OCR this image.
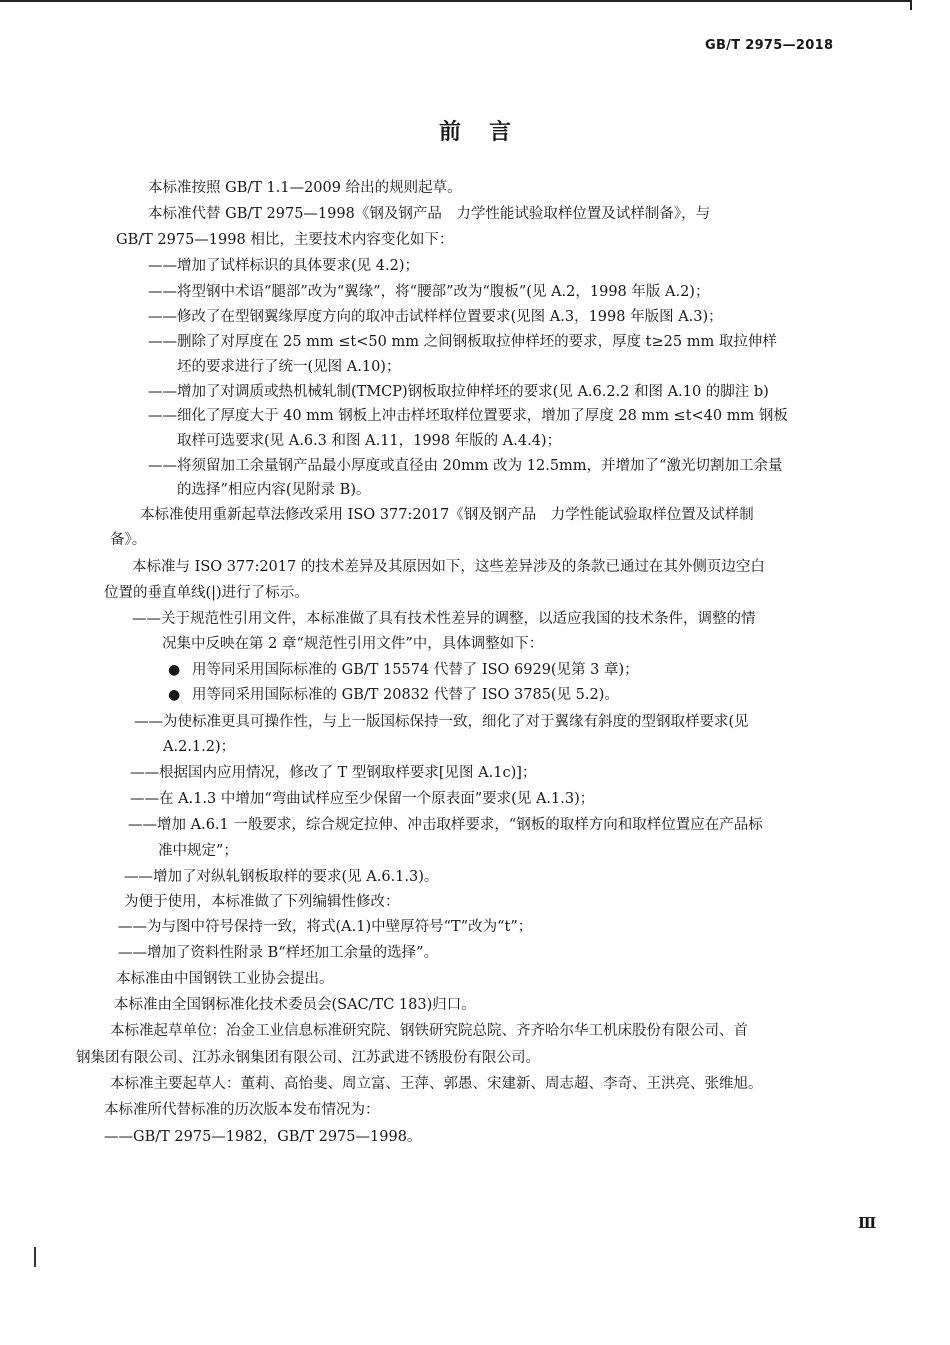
GB/T 2975—2018
前言
本标准按照 GB/T 1.1—2009 给出的规则起草。
本标准代替 GB/T 2975—1998《钢及钢产品　力学性能试验取样位置及试样制备》，与
GB/T 2975—1998 相比，主要技术内容变化如下：
——增加了试样标识的具体要求(见 4.2)；
——将型钢中术语“腿部”改为“翼缘”，将“腰部”改为“腹板”(见 A.2，1998 年版 A.2)；
——修改了在型钢翼缘厚度方向的取冲击试样样位置要求(见图 A.3，1998 年版图 A.3)；
——删除了对厚度在 25 mm ≤t<50 mm 之间钢板取拉伸样坯的要求，厚度 t≥25 mm 取拉伸样
坯的要求进行了统一(见图 A.10)；
——增加了对调质或热机械轧制(TMCP)钢板取拉伸样坯的要求(见 A.6.2.2 和图 A.10 的脚注 b)
——细化了厚度大于 40 mm 钢板上冲击样坯取样位置要求，增加了厚度 28 mm ≤t<40 mm 钢板
取样可选要求(见 A.6.3 和图 A.11，1998 年版的 A.4.4)；
——将须留加工余量钢产品最小厚度或直径由 20mm 改为 12.5mm，并增加了“激光切割加工余量
的选择”相应内容(见附录 B)。
本标准使用重新起草法修改采用 ISO 377:2017《钢及钢产品　力学性能试验取样位置及试样制
备》。
本标准与 ISO 377:2017 的技术差异及其原因如下，这些差异涉及的条款已通过在其外侧页边空白
位置的垂直单线(|)进行了标示。
——关于规范性引用文件，本标准做了具有技术性差异的调整，以适应我国的技术条件，调整的情
况集中反映在第 2 章“规范性引用文件”中，具体调整如下：
● 用等同采用国际标准的 GB/T 15574 代替了 ISO 6929(见第 3 章)；
● 用等同采用国际标准的 GB/T 20832 代替了 ISO 3785(见 5.2)。
——为使标准更具可操作性，与上一版国标保持一致，细化了对于翼缘有斜度的型钢取样要求(见
A.2.1.2)；
——根据国内应用情况，修改了 T 型钢取样要求[见图 A.1c)]；
——在 A.1.3 中增加“弯曲试样应至少保留一个原表面”要求(见 A.1.3)；
——增加 A.6.1 一般要求，综合规定拉伸、冲击取样要求，“钢板的取样方向和取样位置应在产品标
准中规定”；
——增加了对纵轧钢板取样的要求(见 A.6.1.3)。
为便于使用，本标准做了下列编辑性修改：
——为与图中符号保持一致，将式(A.1)中壁厚符号“T”改为“t”；
——增加了资料性附录 B“样坯加工余量的选择”。
本标准由中国钢铁工业协会提出。
本标准由全国钢标准化技术委员会(SAC/TC 183)归口。
本标准起草单位：冶金工业信息标准研究院、钢铁研究院总院、齐齐哈尔华工机床股份有限公司、首
钢集团有限公司、江苏永钢集团有限公司、江苏武进不锈股份有限公司。
本标准主要起草人：董莉、高怡斐、周立富、王萍、郭愚、宋建新、周志超、李奇、王洪亮、张维旭。
本标准所代替标准的历次版本发布情况为：
——GB/T 2975—1982，GB/T 2975—1998。
Ⅲ
